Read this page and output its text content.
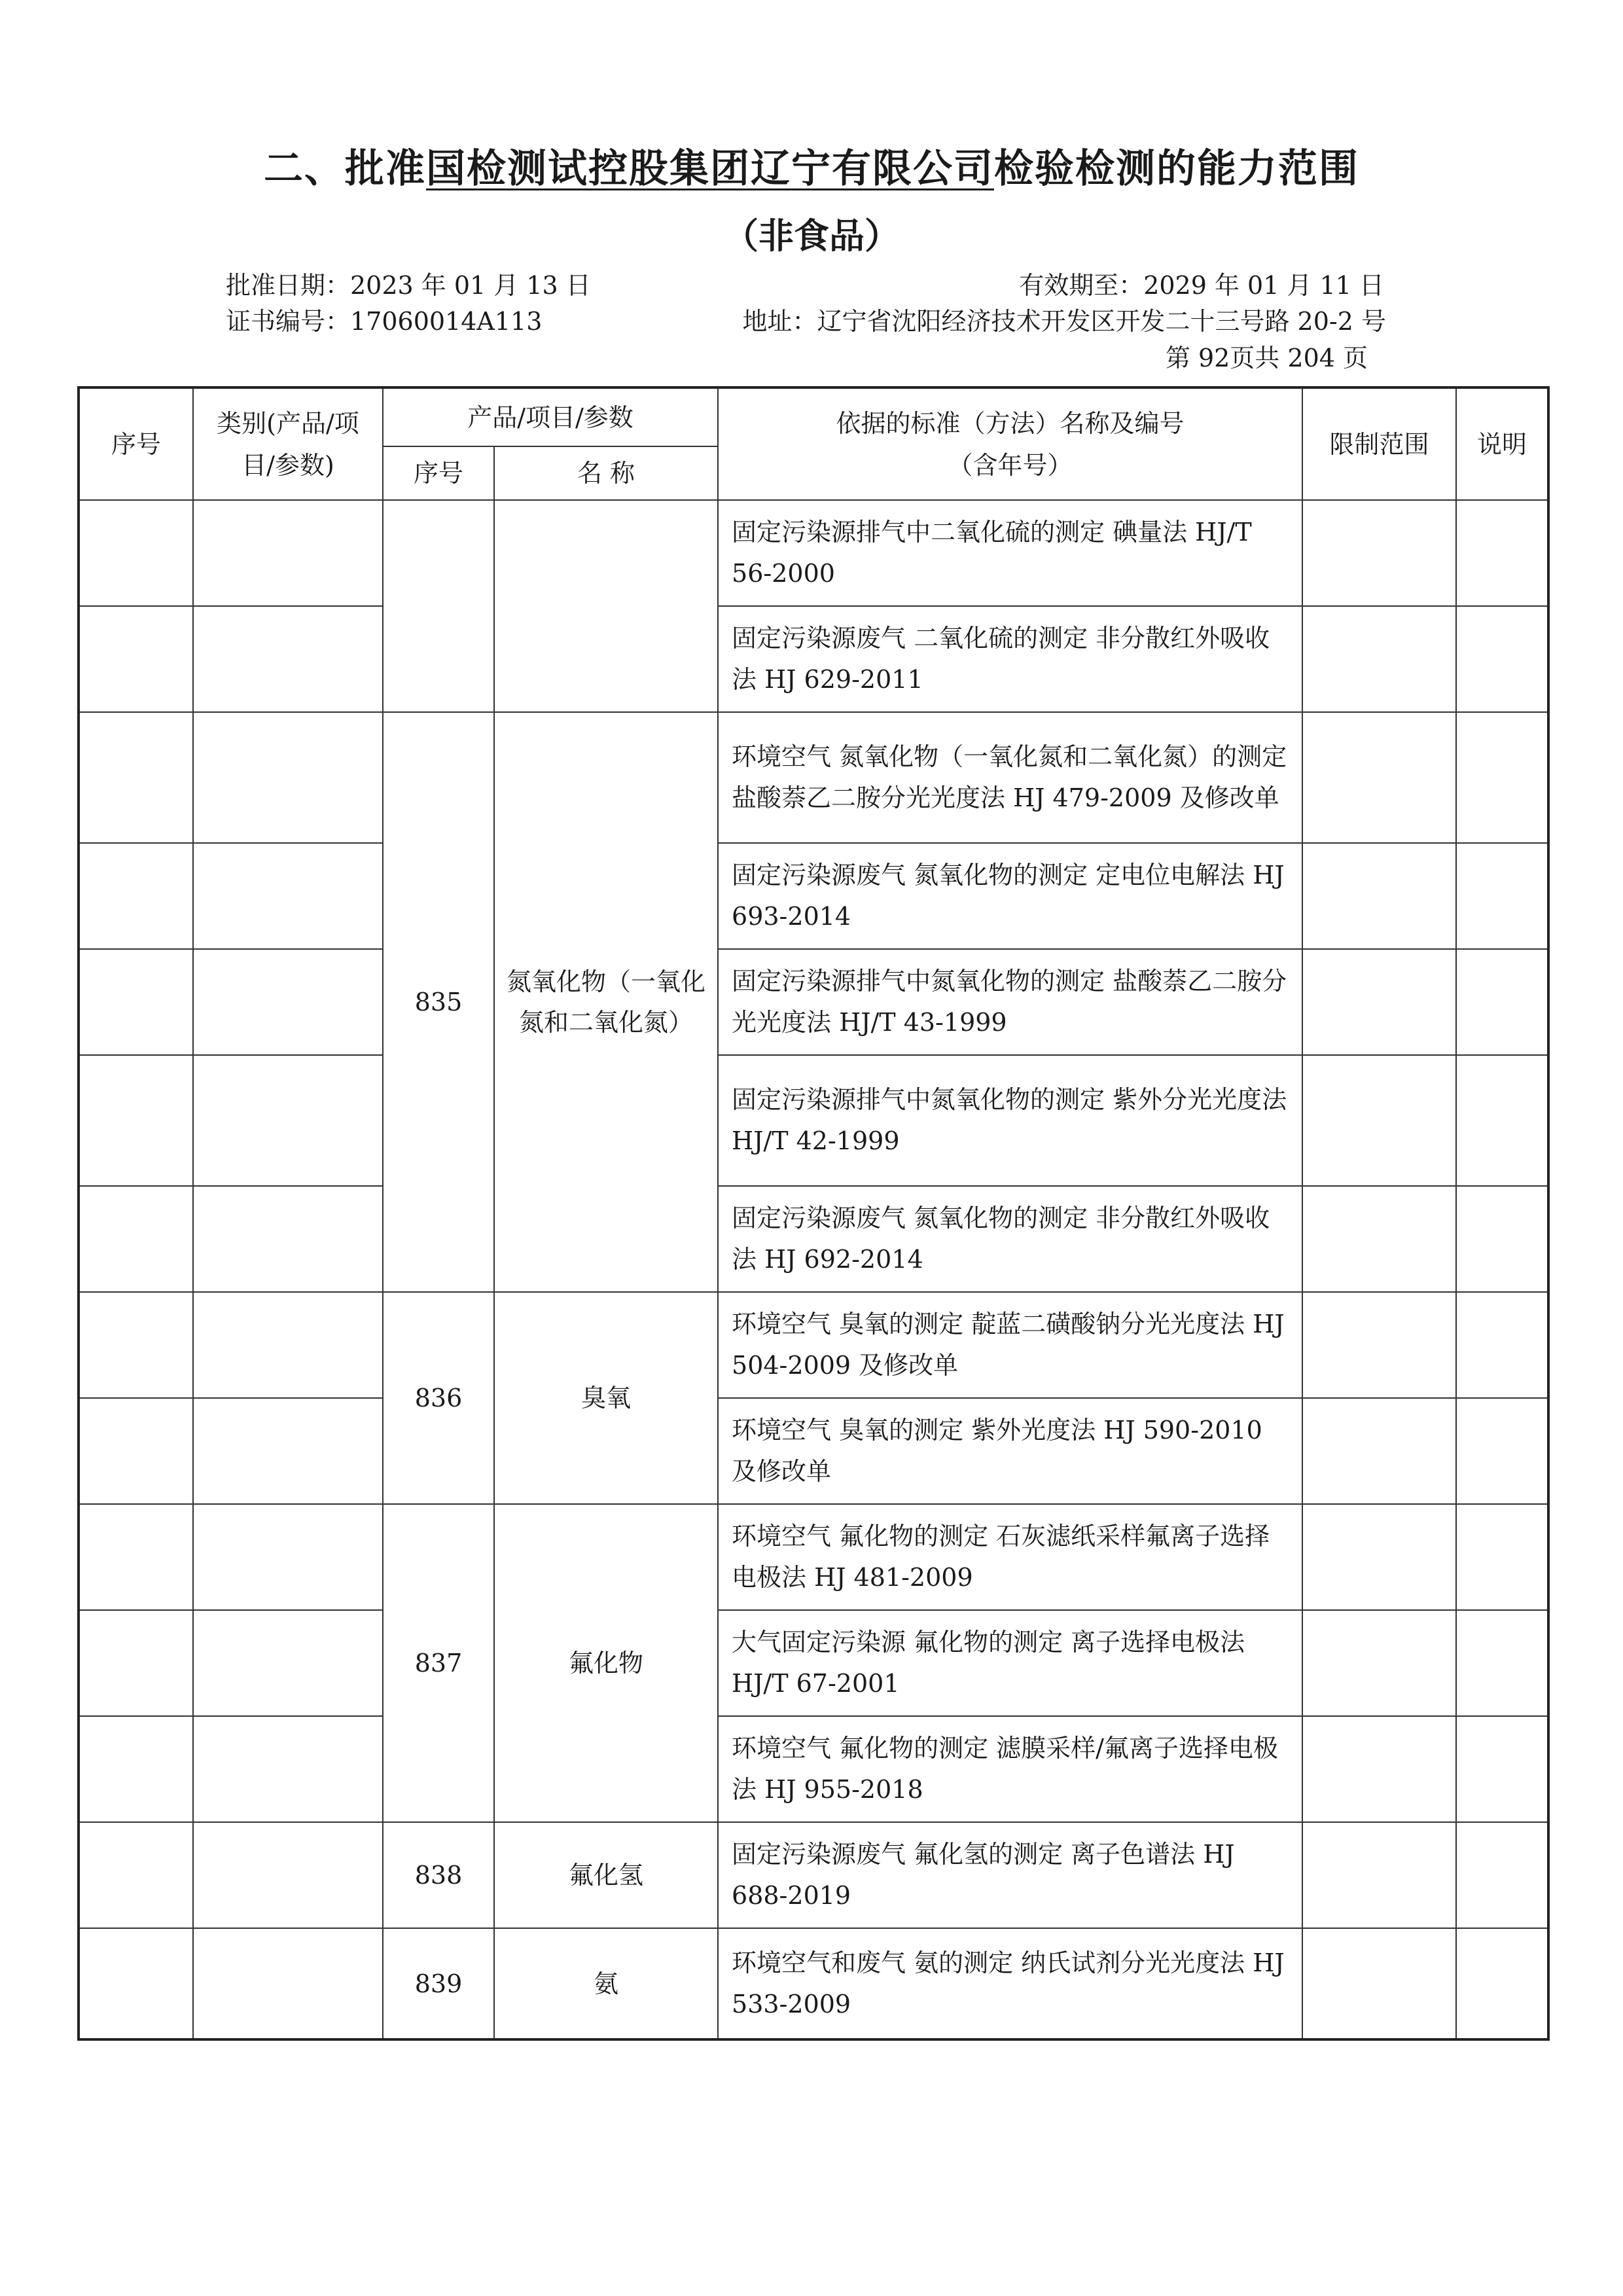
二、批准国检测试控股集团辽宁有限公司检验检测的能力范围
（非食品）
批准日期：2023 年 01 月 13 日	有效期至：2029 年 01 月 11 日
证书编号：17060014A113	地址：辽宁省沈阳经济技术开发区开发二十三号路 20-2 号
第 92页共 204 页
序号	类别(产品/项目/参数)	产品/项目/参数		依据的标准（方法）名称及编号（含年号）	限制范围	说明
		序号	名 称			
				固定污染源排气中二氧化硫的测定 碘量法 HJ/T 56-2000		
				固定污染源废气 二氧化硫的测定 非分散红外吸收法 HJ 629-2011		
		835	氮氧化物（一氧化氮和二氧化氮）	环境空气 氮氧化物（一氧化氮和二氧化氮）的测定 盐酸萘乙二胺分光光度法 HJ 479-2009 及修改单		
				固定污染源废气 氮氧化物的测定 定电位电解法 HJ 693-2014		
				固定污染源排气中氮氧化物的测定 盐酸萘乙二胺分光光度法 HJ/T 43-1999		
				固定污染源排气中氮氧化物的测定 紫外分光光度法 HJ/T 42-1999		
				固定污染源废气 氮氧化物的测定 非分散红外吸收法 HJ 692-2014		
		836	臭氧	环境空气 臭氧的测定 靛蓝二磺酸钠分光光度法 HJ 504-2009 及修改单		
				环境空气 臭氧的测定 紫外光度法 HJ 590-2010 及修改单		
		837	氟化物	环境空气 氟化物的测定 石灰滤纸采样氟离子选择电极法 HJ 481-2009		
				大气固定污染源 氟化物的测定 离子选择电极法 HJ/T 67-2001		
				环境空气 氟化物的测定 滤膜采样/氟离子选择电极法 HJ 955-2018		
		838	氟化氢	固定污染源废气 氟化氢的测定 离子色谱法 HJ 688-2019		
		839	氨	环境空气和废气 氨的测定 纳氏试剂分光光度法 HJ 533-2009		
